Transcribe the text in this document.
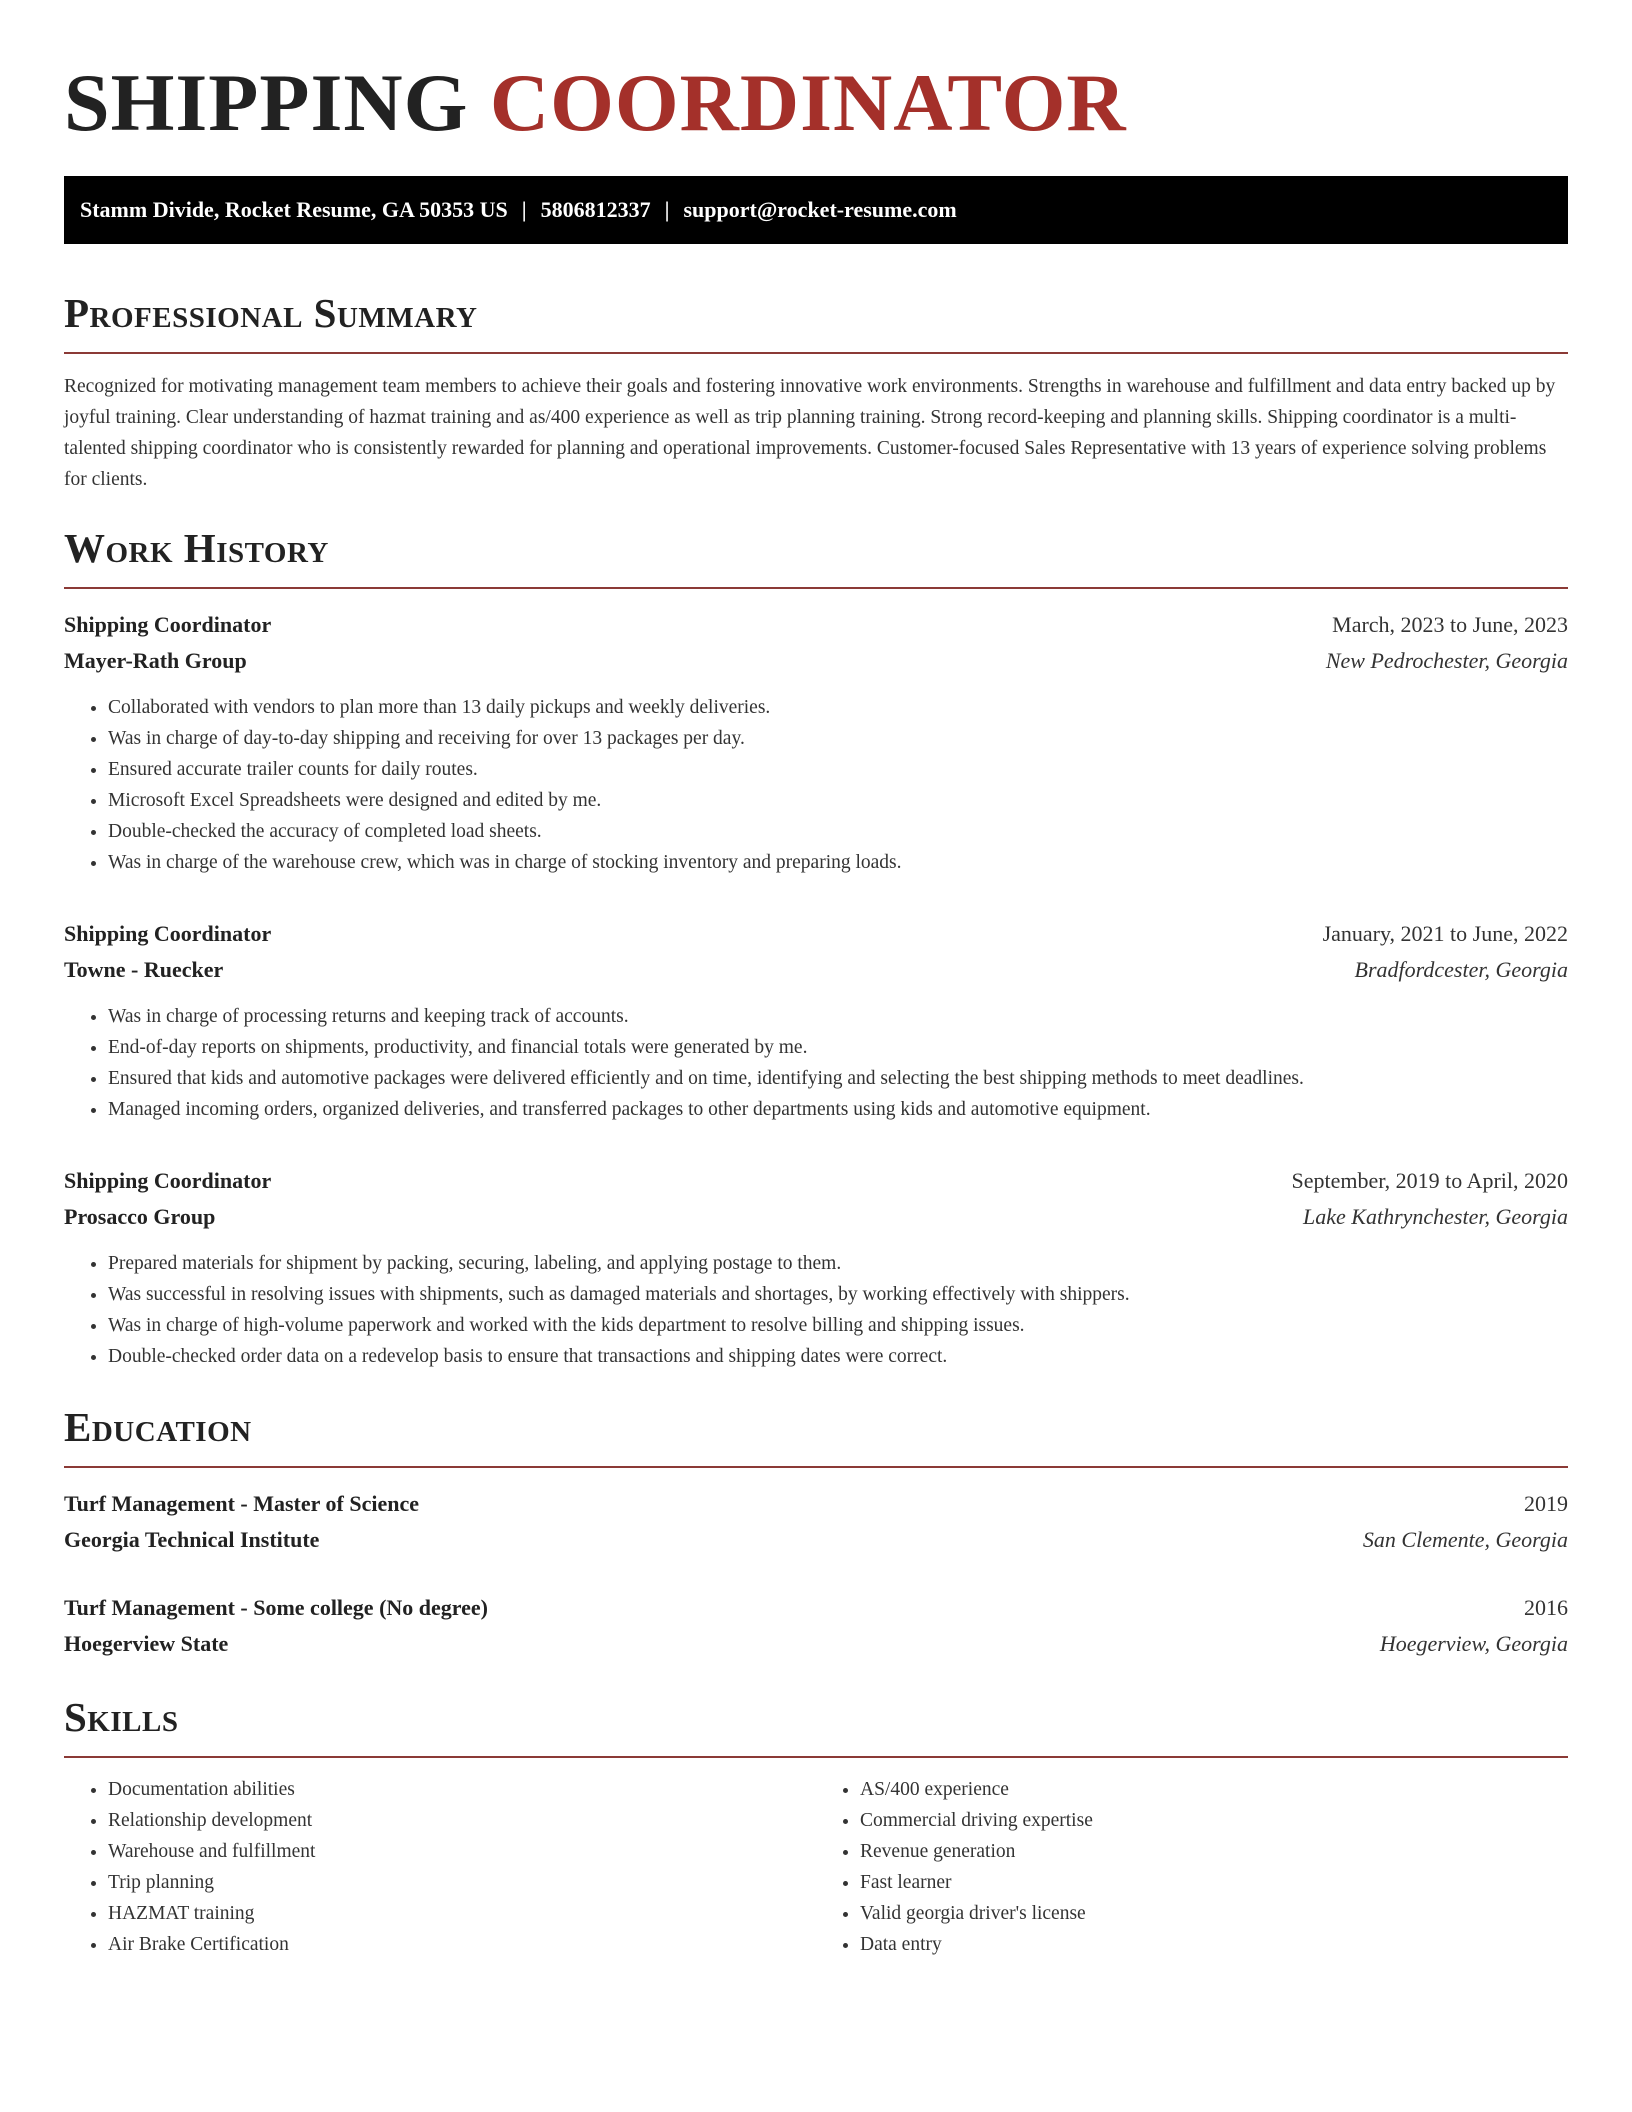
SHIPPING COORDINATOR
Stamm Divide, Rocket Resume, GA 50353 US | 5806812337 | support@rocket-resume.com
Professional Summary

Recognized for motivating management team members to achieve their goals and fostering innovative work environments. Strengths in warehouse and fulfillment and data entry backed up by joyful training. Clear understanding of hazmat training and as/400 experience as well as trip planning training. Strong record-keeping and planning skills. Shipping coordinator is a multi-talented shipping coordinator who is consistently rewarded for planning and operational improvements. Customer-focused Sales Representative with 13 years of experience solving problems for clients.

Work History
Shipping Coordinator	March, 2023 to June, 2023
Mayer-Rath Group	New Pedrochester, Georgia
• Collaborated with vendors to plan more than 13 daily pickups and weekly deliveries.
• Was in charge of day-to-day shipping and receiving for over 13 packages per day.
• Ensured accurate trailer counts for daily routes.
• Microsoft Excel Spreadsheets were designed and edited by me.
• Double-checked the accuracy of completed load sheets.
• Was in charge of the warehouse crew, which was in charge of stocking inventory and preparing loads.
Shipping Coordinator	January, 2021 to June, 2022
Towne - Ruecker	Bradfordcester, Georgia
• Was in charge of processing returns and keeping track of accounts.
• End-of-day reports on shipments, productivity, and financial totals were generated by me.
• Ensured that kids and automotive packages were delivered efficiently and on time, identifying and selecting the best shipping methods to meet deadlines.
• Managed incoming orders, organized deliveries, and transferred packages to other departments using kids and automotive equipment.
Shipping Coordinator	September, 2019 to April, 2020
Prosacco Group	Lake Kathrynchester, Georgia
• Prepared materials for shipment by packing, securing, labeling, and applying postage to them.
• Was successful in resolving issues with shipments, such as damaged materials and shortages, by working effectively with shippers.
• Was in charge of high-volume paperwork and worked with the kids department to resolve billing and shipping issues.
• Double-checked order data on a redevelop basis to ensure that transactions and shipping dates were correct.
Education
Turf Management - Master of Science	2019
Georgia Technical Institute	San Clemente, Georgia
Turf Management - Some college (No degree)	2016
Hoegerview State	Hoegerview, Georgia
Skills
• Documentation abilities
• Relationship development
• Warehouse and fulfillment
• Trip planning
• HAZMAT training
• Air Brake Certification
• AS/400 experience
• Commercial driving expertise
• Revenue generation
• Fast learner
• Valid georgia driver's license
• Data entry
